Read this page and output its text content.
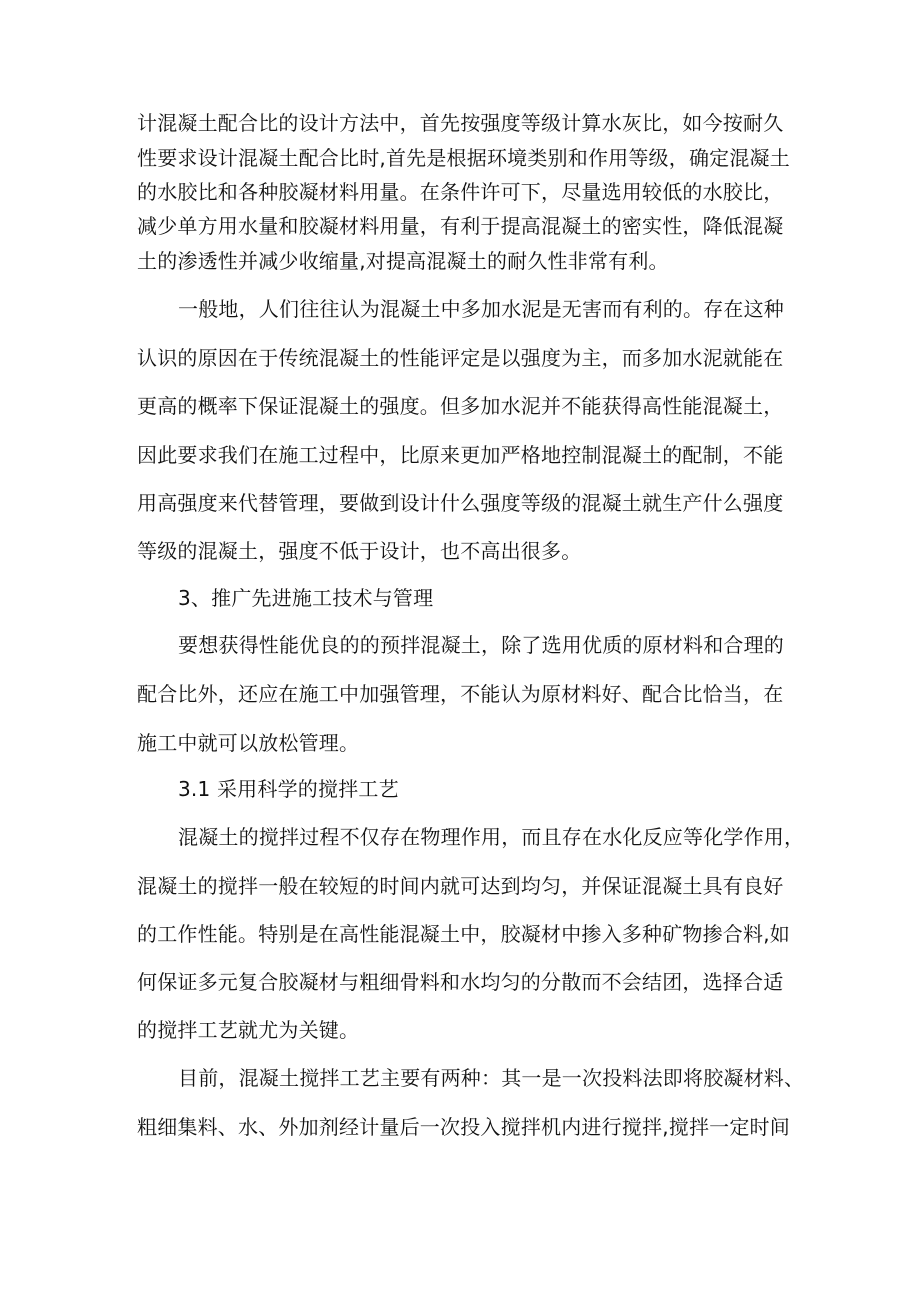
计混凝土配合比的设计方法中，首先按强度等级计算水灰比，如今按耐久
性要求设计混凝土配合比时,首先是根据环境类别和作用等级，确定混凝土
的水胶比和各种胶凝材料用量。在条件许可下，尽量选用较低的水胶比，
减少单方用水量和胶凝材料用量，有利于提高混凝土的密实性，降低混凝
土的渗透性并减少收缩量,对提高混凝土的耐久性非常有利。
一般地，人们往往认为混凝土中多加水泥是无害而有利的。存在这种
认识的原因在于传统混凝土的性能评定是以强度为主，而多加水泥就能在
更高的概率下保证混凝土的强度。但多加水泥并不能获得高性能混凝土，
因此要求我们在施工过程中，比原来更加严格地控制混凝土的配制，不能
用高强度来代替管理，要做到设计什么强度等级的混凝土就生产什么强度
等级的混凝土，强度不低于设计，也不高出很多。
3、推广先进施工技术与管理
要想获得性能优良的的预拌混凝土，除了选用优质的原材料和合理的
配合比外，还应在施工中加强管理，不能认为原材料好、配合比恰当，在
施工中就可以放松管理。
3.1 采用科学的搅拌工艺
混凝土的搅拌过程不仅存在物理作用，而且存在水化反应等化学作用，
混凝土的搅拌一般在较短的时间内就可达到均匀，并保证混凝土具有良好
的工作性能。特别是在高性能混凝土中，胶凝材中掺入多种矿物掺合料,如
何保证多元复合胶凝材与粗细骨料和水均匀的分散而不会结团，选择合适
的搅拌工艺就尤为关键。
目前，混凝土搅拌工艺主要有两种：其一是一次投料法即将胶凝材料、
粗细集料、水、外加剂经计量后一次投入搅拌机内进行搅拌,搅拌一定时间
